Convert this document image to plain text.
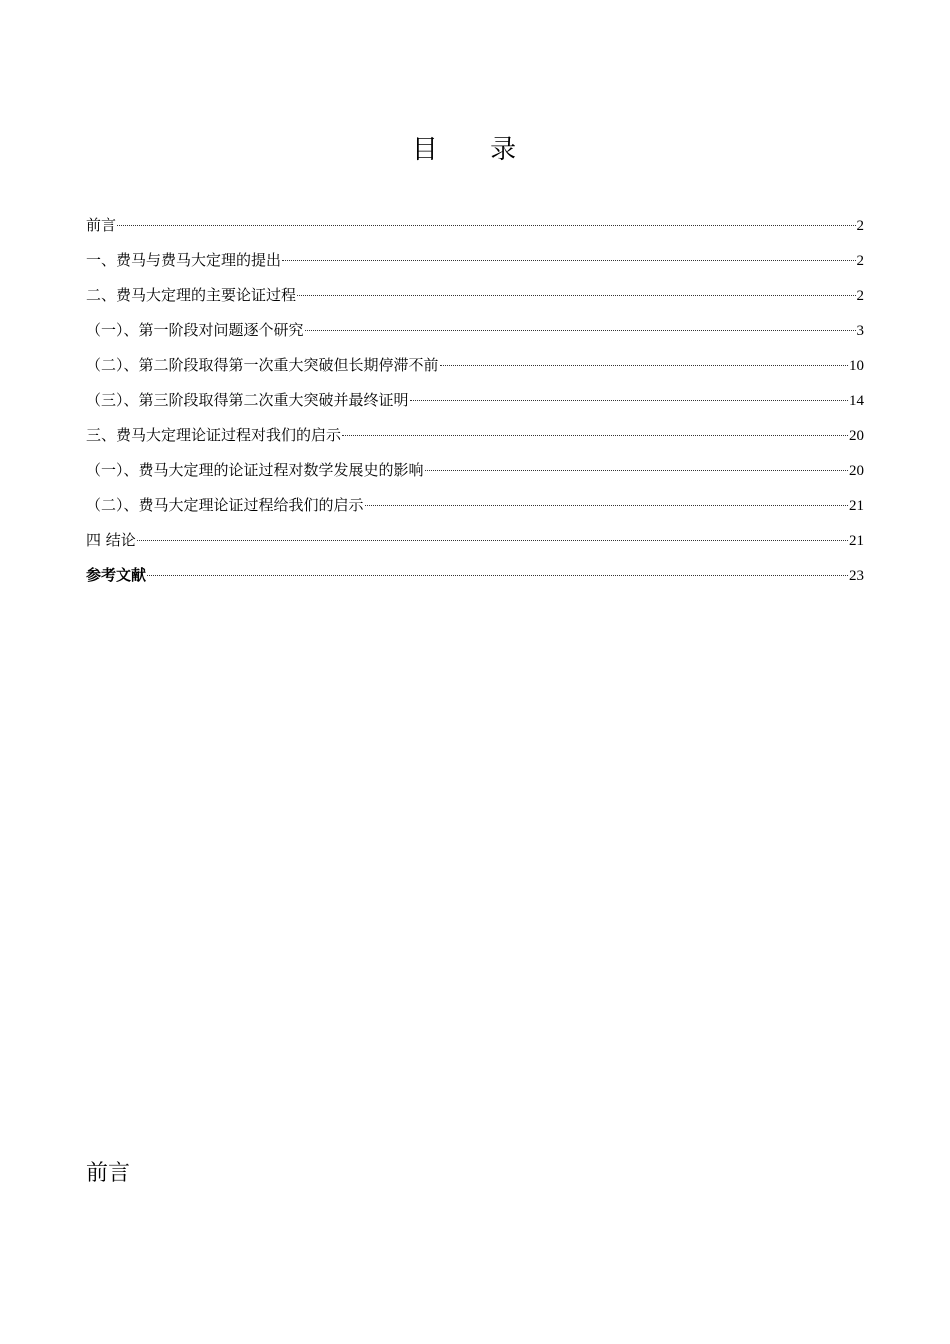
目 录
前言	2
一、费马与费马大定理的提出	2
二、费马大定理的主要论证过程	2
（一）、第一阶段对问题逐个研究	3
（二）、第二阶段取得第一次重大突破但长期停滞不前	10
（三）、第三阶段取得第二次重大突破并最终证明	14
三、费马大定理论证过程对我们的启示	20
（一）、费马大定理的论证过程对数学发展史的影响	20
（二）、费马大定理论证过程给我们的启示	21
四 结论	21
参考文献	23
前言
